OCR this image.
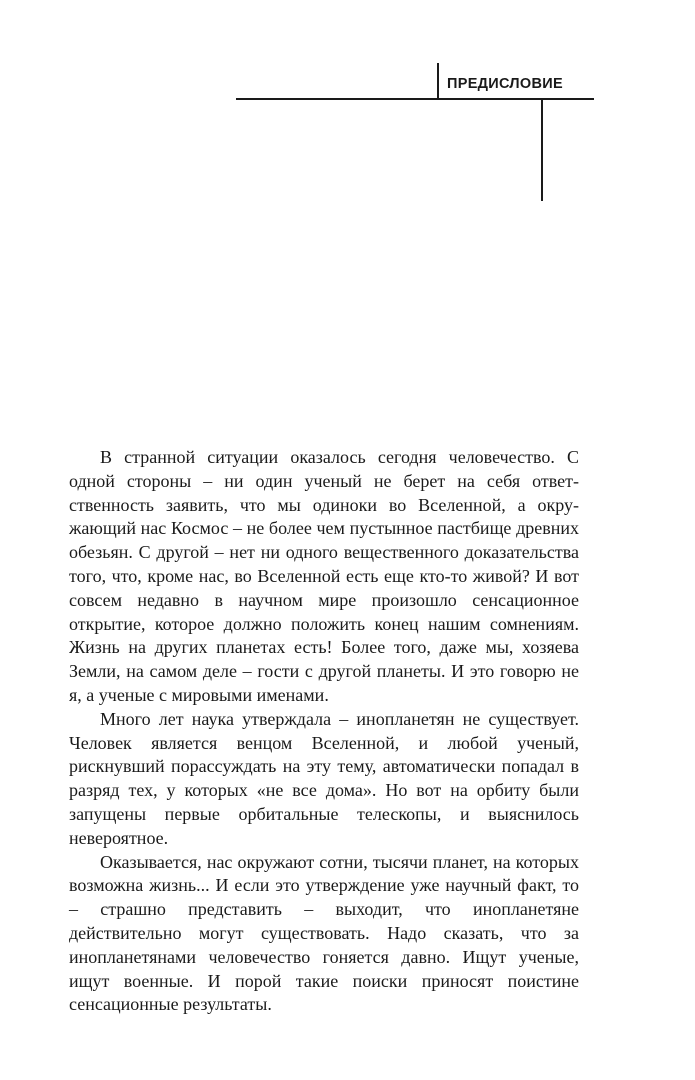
ПРЕДИСЛОВИЕ

В странной ситуации оказалось сегодня человечество. С одной стороны – ни один ученый не берет на себя ответственность заявить, что мы одиноки во Вселенной, а окружающий нас Космос – не более чем пустынное пастбище древних обезьян. С другой – нет ни одного вещественного доказательства того, что, кроме нас, во Вселенной есть еще кто-то живой? И вот совсем недавно в научном мире произошло сенсационное открытие, которое должно положить конец нашим сомнениям. Жизнь на других планетах есть! Более того, даже мы, хозяева Земли, на самом деле – гости с другой планеты. И это говорю не я, а ученые с мировыми именами.

Много лет наука утверждала – инопланетян не существует. Человек является венцом Вселенной, и любой ученый, рискнувший порассуждать на эту тему, автоматически попадал в разряд тех, у которых «не все дома». Но вот на орбиту были запущены первые орбитальные телескопы, и выяснилось невероятное.

Оказывается, нас окружают сотни, тысячи планет, на которых возможна жизнь... И если это утверждение уже научный факт, то – страшно представить – выходит, что инопланетяне действительно могут существовать. Надо сказать, что за инопланетянами человечество гоняется давно. Ищут ученые, ищут военные. И порой такие поиски приносят поистине сенсационные результаты.
